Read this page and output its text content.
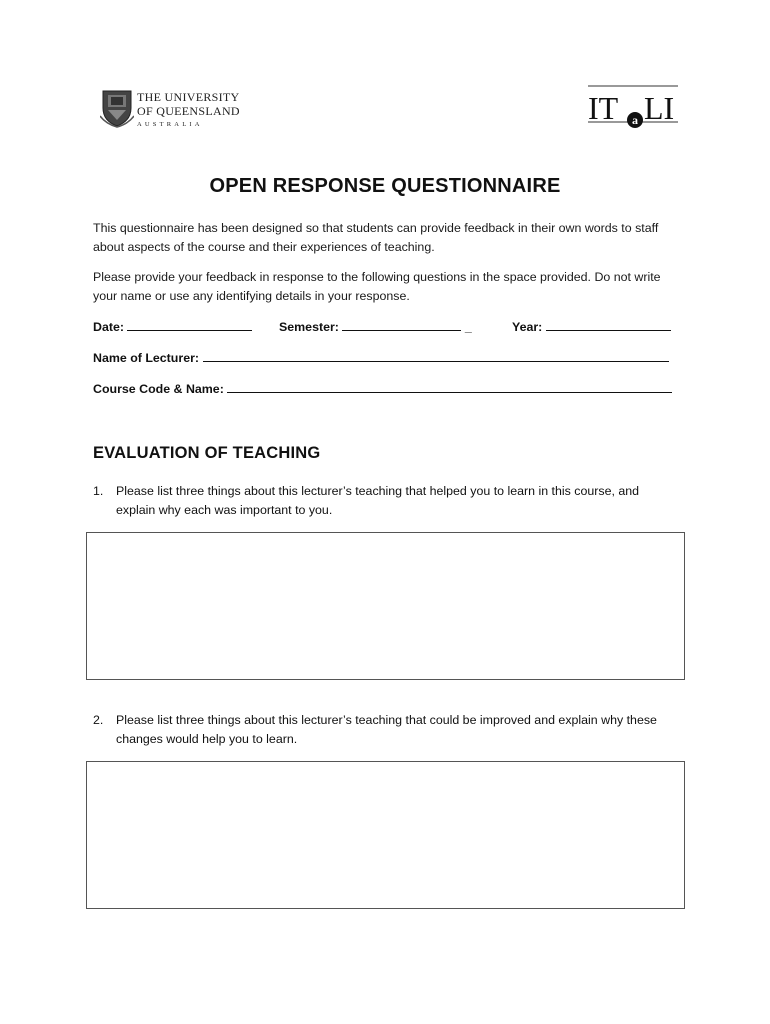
THE UNIVERSITY
OF QUEENSLAND
AUSTRALIA	IT a LI
OPEN RESPONSE QUESTIONNAIRE
This questionnaire has been designed so that students can provide feedback in their own words to staff about aspects of the course and their experiences of teaching.
Please provide your feedback in response to the following questions in the space provided. Do not write your name or use any identifying details in your response.
Date:	Semester:	_	Year:
Name of Lecturer:
Course Code & Name:
EVALUATION OF TEACHING
1. Please list three things about this lecturer’s teaching that helped you to learn in this course, and explain why each was important to you.
2. Please list three things about this lecturer’s teaching that could be improved and explain why these changes would help you to learn.
